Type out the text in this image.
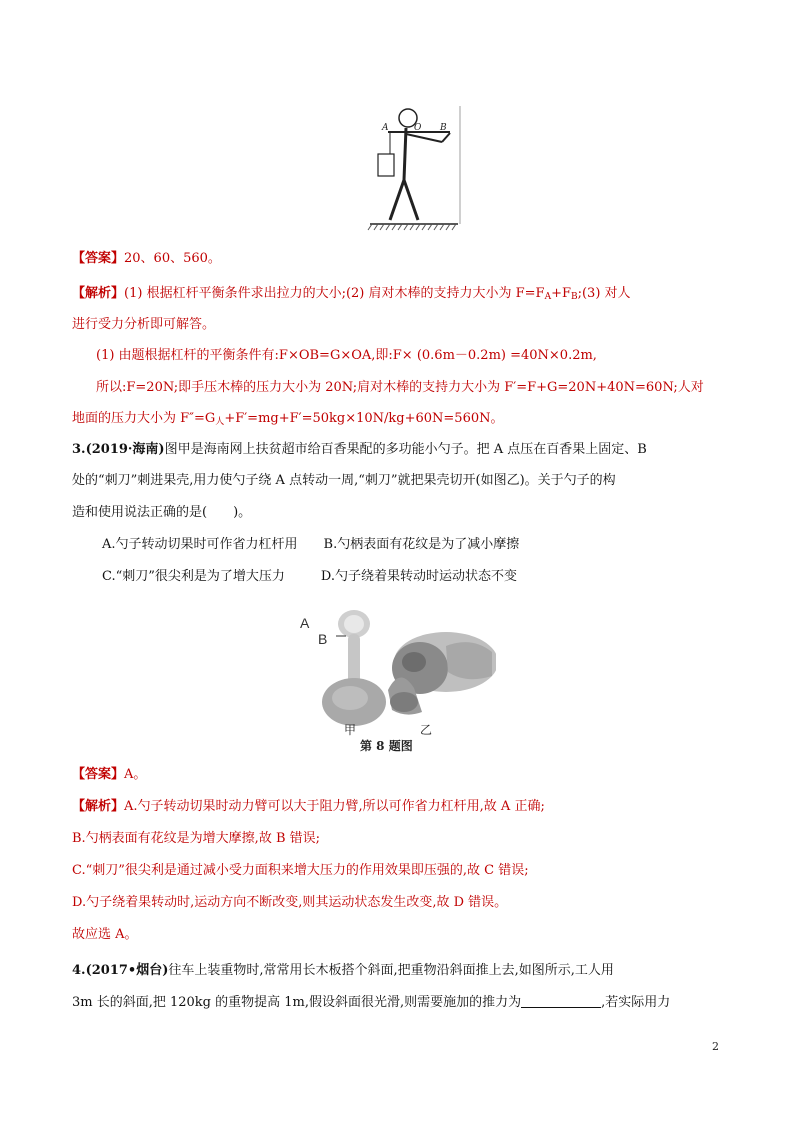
A	O B
【答案】20、60、560。
【解析】(1) 根据杠杆平衡条件求出拉力的大小;(2) 肩对木棒的支持力大小为 $F=F_A+F_B;(3)$ 对人
进行受力分析即可解答。
(1) 由题根据杠杆的平衡条件有:F×OB=G×OA,即:F× (0.6m－0.2m) =40N×0.2m,
所以:F=20N;即手压木棒的压力大小为 20N;肩对木棒的支持力大小为 F′=F+G=20N+40N=60N;人对
地面的压力大小为 $F''=G_人+F'=mg+F'=50kg\times 10N/kg+60N=560N$。
3.(2019·海南)图甲是海南网上扶贫超市给百香果配的多功能小勺子。把 A 点压在百香果上固定、B
处的“刺刀”刺进果壳,用力使勺子绕 A 点转动一周,“刺刀”就把果壳切开(如图乙)。关于勺子的构
造和使用说法正确的是(　　)。
A.勺子转动切果时可作省力杠杆用 B.勺柄表面有花纹是为了减小摩擦
C.“刺刀”很尖利是为了增大压力	D.勺子绕着果转动时运动状态不变
A
B
甲	乙
第 8 题图
【答案】A。
【解析】A.勺子转动切果时动力臂可以大于阻力臂,所以可作省力杠杆用,故 A 正确;
B.勺柄表面有花纹是为增大摩擦,故 B 错误;
C.“刺刀”很尖利是通过减小受力面积来增大压力的作用效果即压强的,故 C 错误;
D.勺子绕着果转动时,运动方向不断改变,则其运动状态发生改变,故 D 错误。
故应选 A。
4.(2017•烟台)往车上装重物时,常常用长木板搭个斜面,把重物沿斜面推上去,如图所示,工人用
3m 长的斜面,把 120kg 的重物提高 1m,假设斜面很光滑,则需要施加的推力为	,若实际用力
2
